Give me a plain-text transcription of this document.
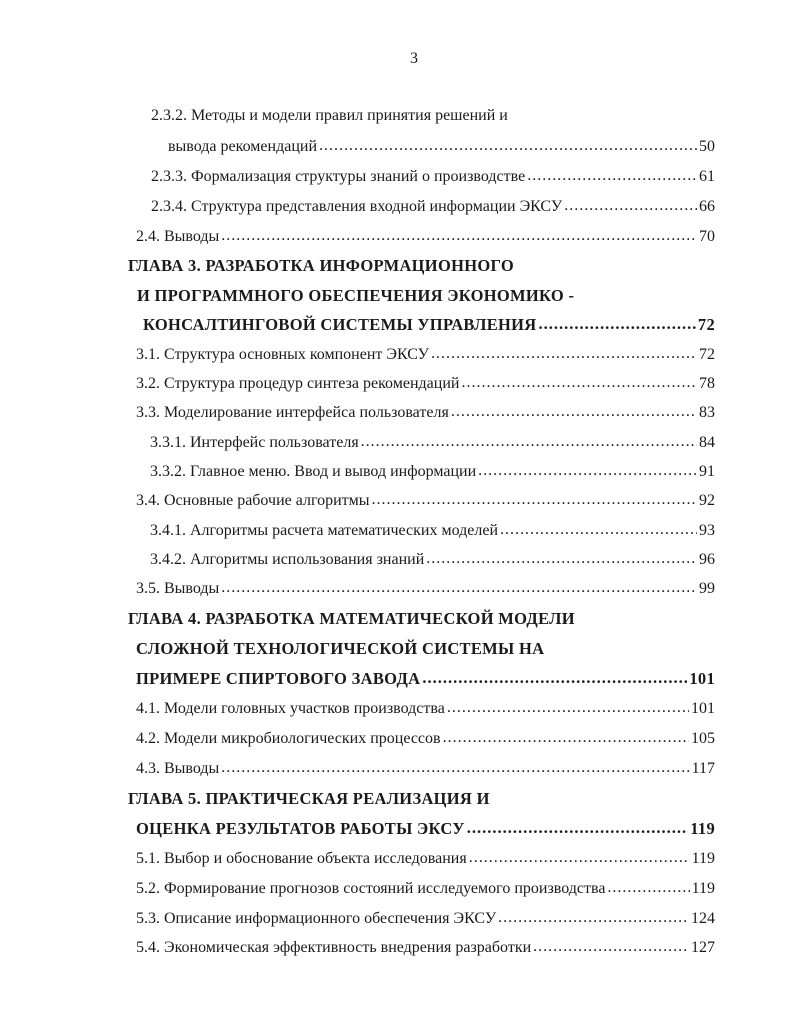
3
2.3.2. Методы и модели правил принятия решений и
вывода рекомендаций .....	50
2.3.3. Формализация структуры знаний о производстве .....	61
2.3.4. Структура представления входной информации ЭКСУ .....	66
2.4. Выводы .....	70
ГЛАВА 3. РАЗРАБОТКА ИНФОРМАЦИОННОГО
И ПРОГРАММНОГО ОБЕСПЕЧЕНИЯ ЭКОНОМИКО -
КОНСАЛТИНГОВОЙ СИСТЕМЫ УПРАВЛЕНИЯ .....	72
3.1. Структура основных компонент ЭКСУ .....	72
3.2. Структура процедур синтеза рекомендаций .....	78
3.3. Моделирование интерфейса пользователя .....	83
3.3.1. Интерфейс пользователя .....	84
3.3.2. Главное меню. Ввод и вывод информации .....	91
3.4. Основные рабочие алгоритмы .....	92
3.4.1. Алгоритмы расчета математических моделей .....	93
3.4.2. Алгоритмы использования знаний .....	96
3.5. Выводы .....	99
ГЛАВА 4. РАЗРАБОТКА МАТЕМАТИЧЕСКОЙ МОДЕЛИ
СЛОЖНОЙ ТЕХНОЛОГИЧЕСКОЙ СИСТЕМЫ НА
ПРИМЕРЕ СПИРТОВОГО ЗАВОДА .....	101
4.1. Модели головных участков производства .....	101
4.2. Модели микробиологических процессов .....	105
4.3. Выводы .....	117
ГЛАВА 5. ПРАКТИЧЕСКАЯ РЕАЛИЗАЦИЯ И
ОЦЕНКА РЕЗУЛЬТАТОВ РАБОТЫ ЭКСУ .....	119
5.1. Выбор и обоснование объекта исследования .....	119
5.2. Формирование прогнозов состояний исследуемого производства .....	119
5.3. Описание информационного обеспечения ЭКСУ .....	124
5.4. Экономическая эффективность внедрения разработки .....	127
